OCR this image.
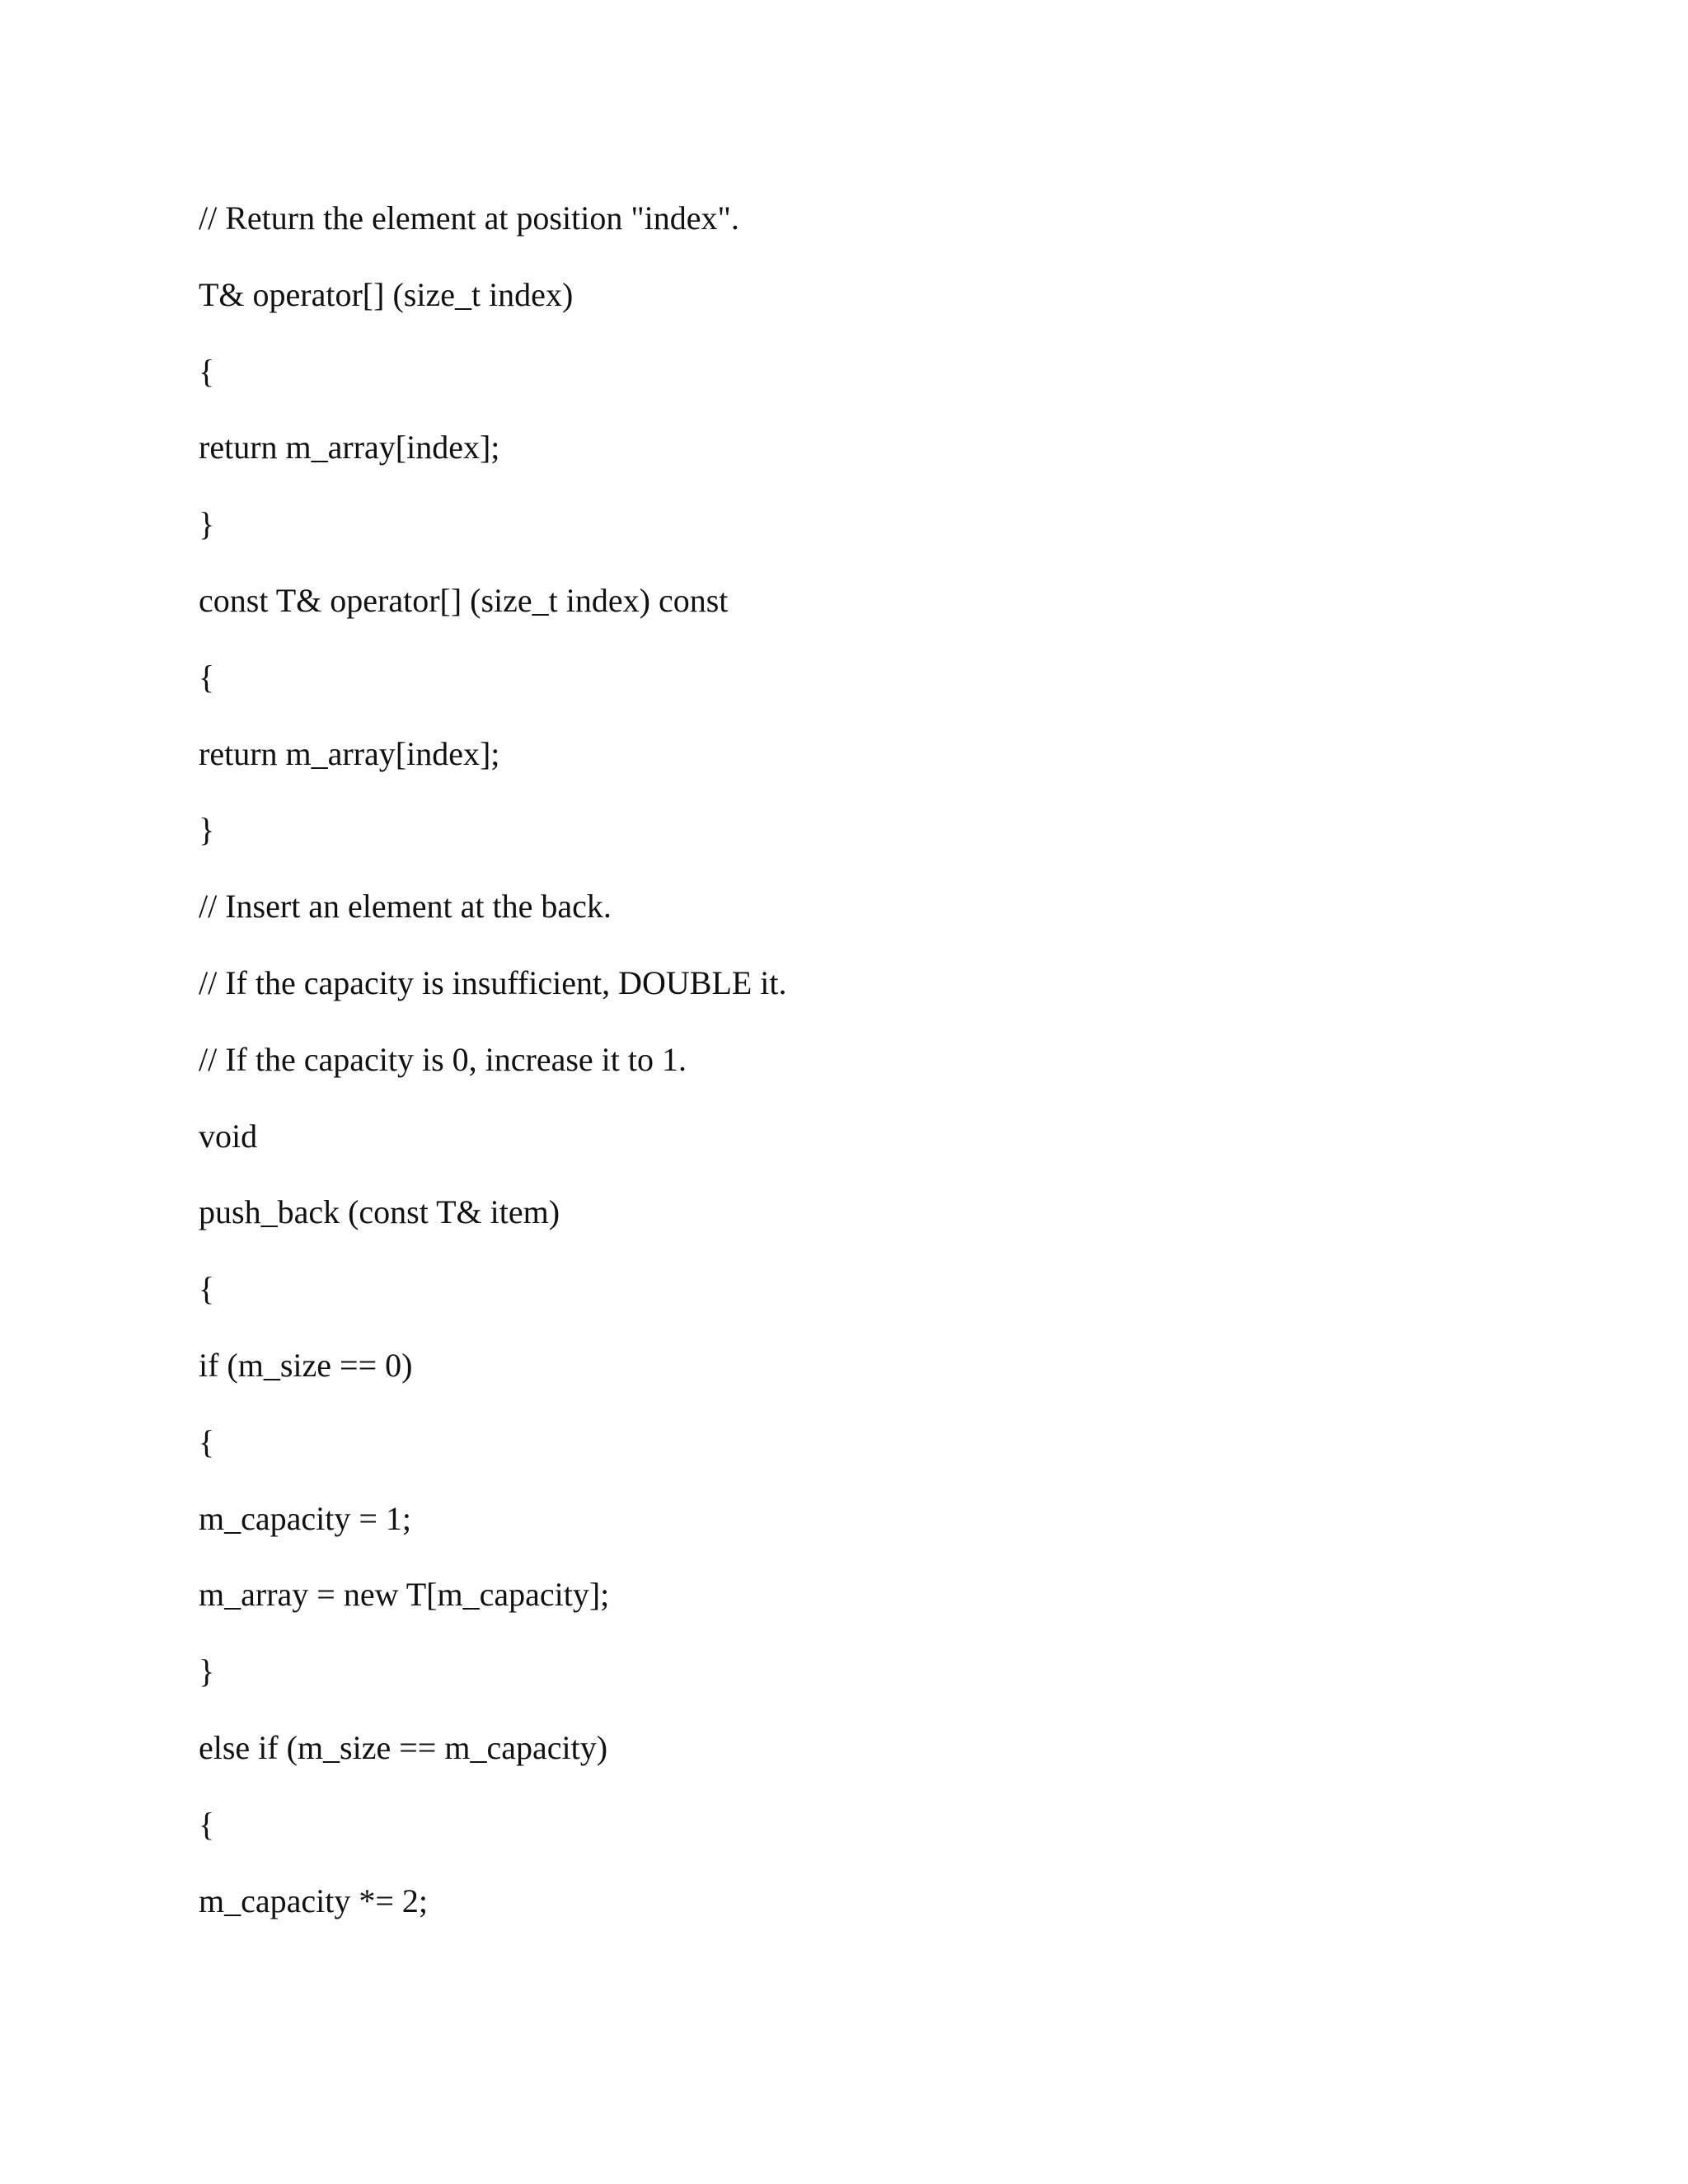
// Return the element at position "index".
T& operator[] (size_t index)
{
return m_array[index];
}
const T& operator[] (size_t index) const
{
return m_array[index];
}
// Insert an element at the back.
// If the capacity is insufficient, DOUBLE it.
// If the capacity is 0, increase it to 1.
void
push_back (const T& item)
{
if (m_size == 0)
{
m_capacity = 1;
m_array = new T[m_capacity];
}
else if (m_size == m_capacity)
{
m_capacity *= 2;
